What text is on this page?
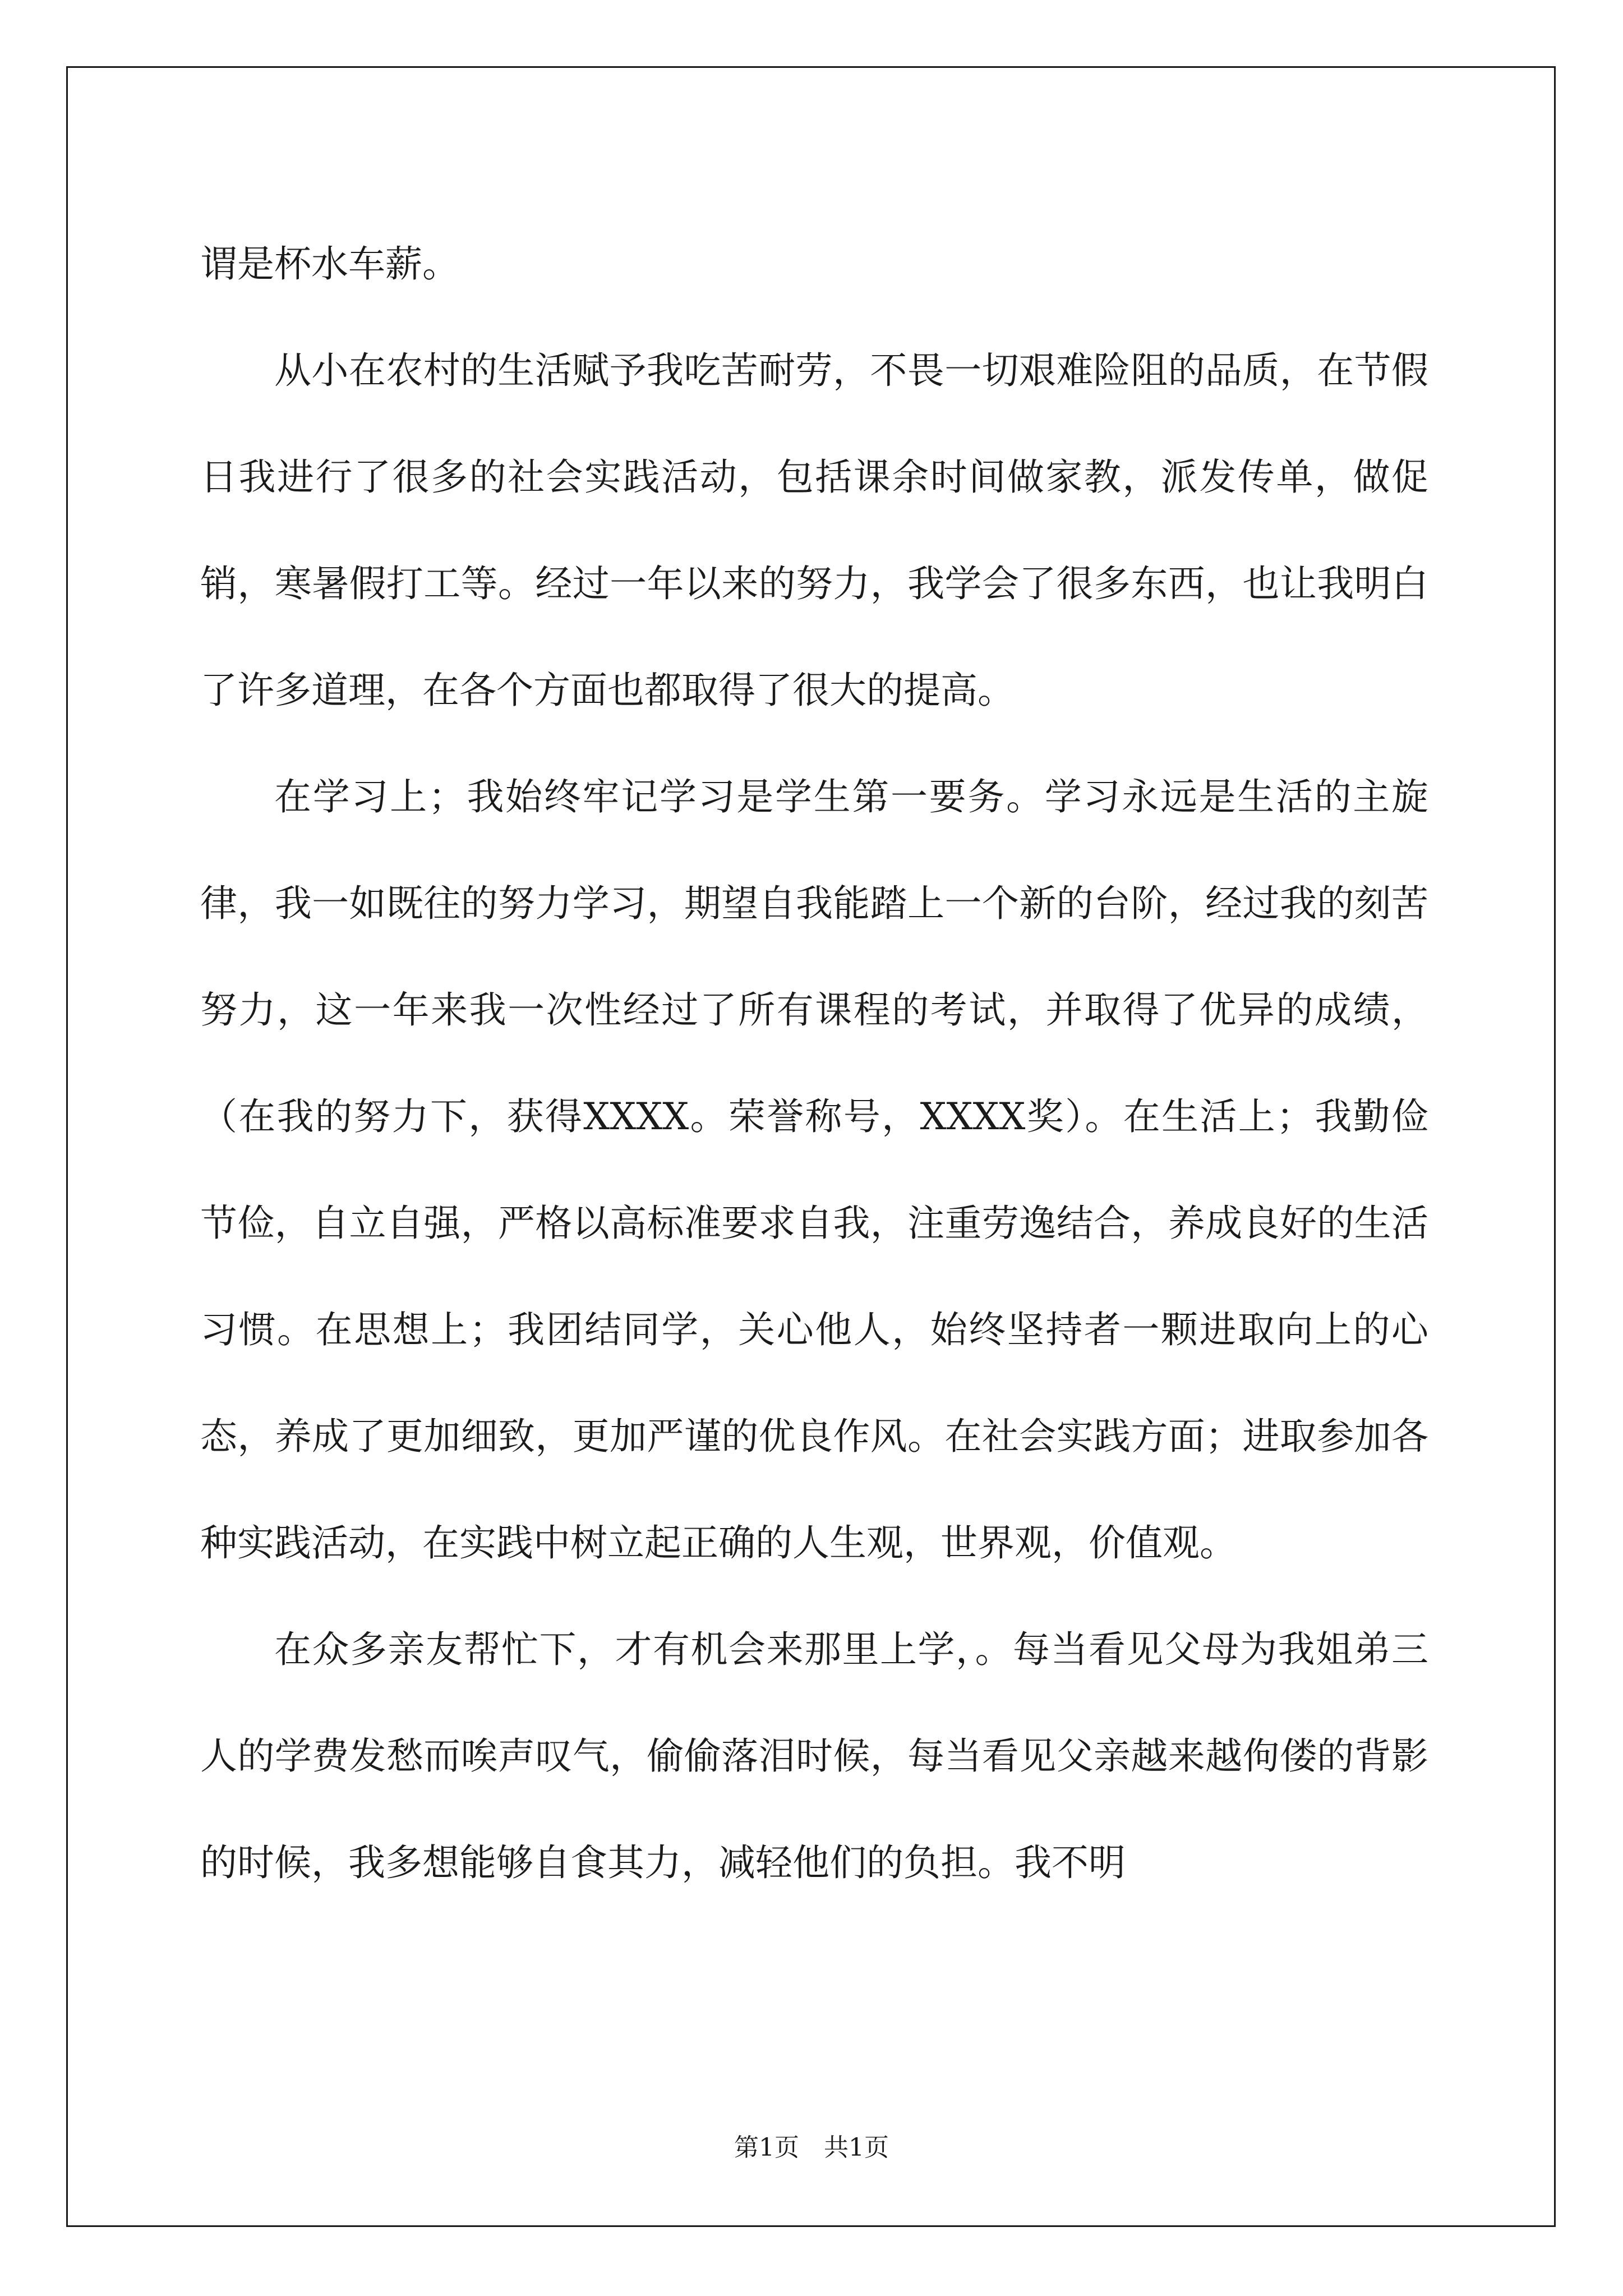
谓是杯水车薪。

从小在农村的生活赋予我吃苦耐劳，不畏一切艰难险阻的品质，在节假日我进行了很多的社会实践活动，包括课余时间做家教，派发传单，做促销，寒暑假打工等。经过一年以来的努力，我学会了很多东西，也让我明白了许多道理，在各个方面也都取得了很大的提高。

在学习上；我始终牢记学习是学生第一要务。学习永远是生活的主旋律，我一如既往的努力学习，期望自我能踏上一个新的台阶，经过我的刻苦努力，这一年来我一次性经过了所有课程的考试，并取得了优异的成绩，（在我的努力下，获得XXXX。荣誉称号，XXXX奖）。在生活上；我勤俭节俭，自立自强，严格以高标准要求自我，注重劳逸结合，养成良好的生活习惯。在思想上；我团结同学，关心他人，始终坚持者一颗进取向上的心态，养成了更加细致，更加严谨的优良作风。在社会实践方面；进取参加各种实践活动，在实践中树立起正确的人生观，世界观，价值观。

在众多亲友帮忙下，才有机会来那里上学，。每当看见父母为我姐弟三人的学费发愁而唉声叹气，偷偷落泪时候，每当看见父亲越来越佝偻的背影的时候，我多想能够自食其力，减轻他们的负担。我不明

第1页　共1页
